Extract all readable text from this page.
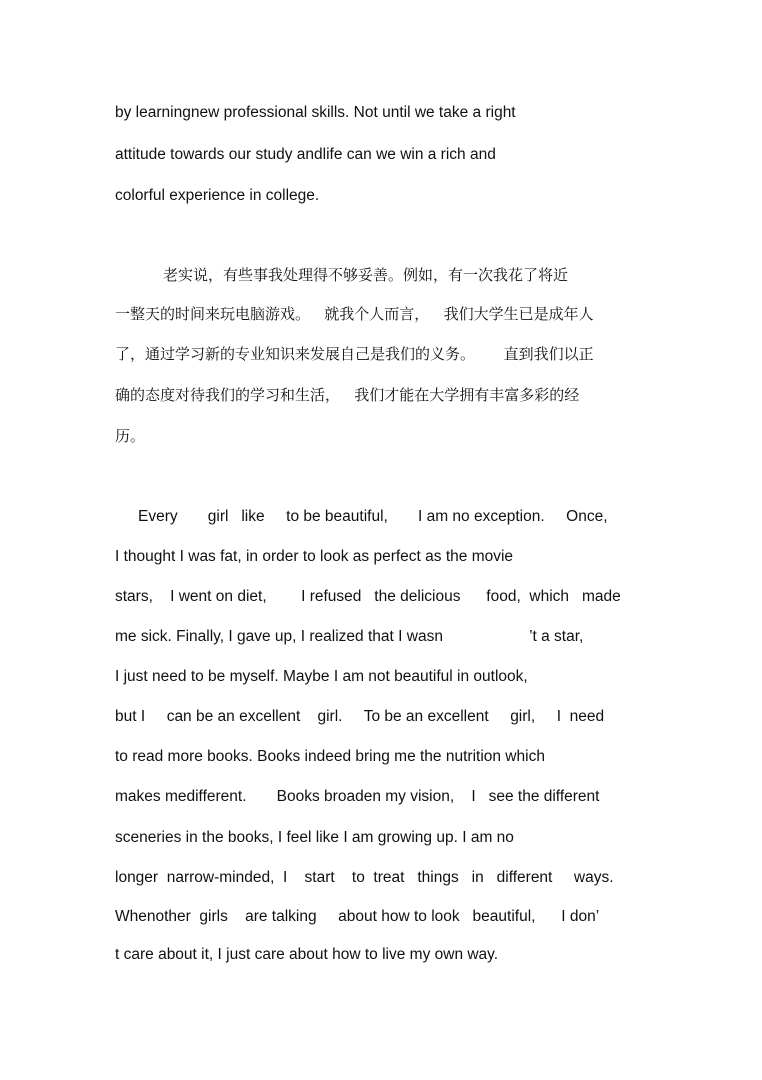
by learningnew professional skills. Not until we take a right
attitude towards our study andlife can we win a rich and
colorful experience in college.
老实说，有些事我处理得不够妥善。例如，有一次我花了将近
一整天的时间来玩电脑游戏。   就我个人而言，   我们大学生已是成年人
了，通过学习新的专业知识来发展自己是我们的义务。      直到我们以正
确的态度对待我们的学习和生活，   我们才能在大学拥有丰富多彩的经
历。
Every       girl   like     to be beautiful,       I am no exception.     Once,
I thought I was fat, in order to look as perfect as the movie
stars,    I went on diet,        I refused   the delicious      food,  which   made
me sick. Finally, I gave up, I realized that I wasn                    ’t a star,
I just need to be myself. Maybe I am not beautiful in outlook,
but I     can be an excellent    girl.     To be an excellent     girl,     I  need
to read more books. Books indeed bring me the nutrition which
makes medifferent.       Books broaden my vision,    I   see the different
sceneries in the books, I feel like I am growing up. I am no
longer  narrow-minded,  I    start    to  treat   things   in   different     ways.
Whenother  girls    are talking     about how to look   beautiful,      I don’
t care about it, I just care about how to live my own way.
